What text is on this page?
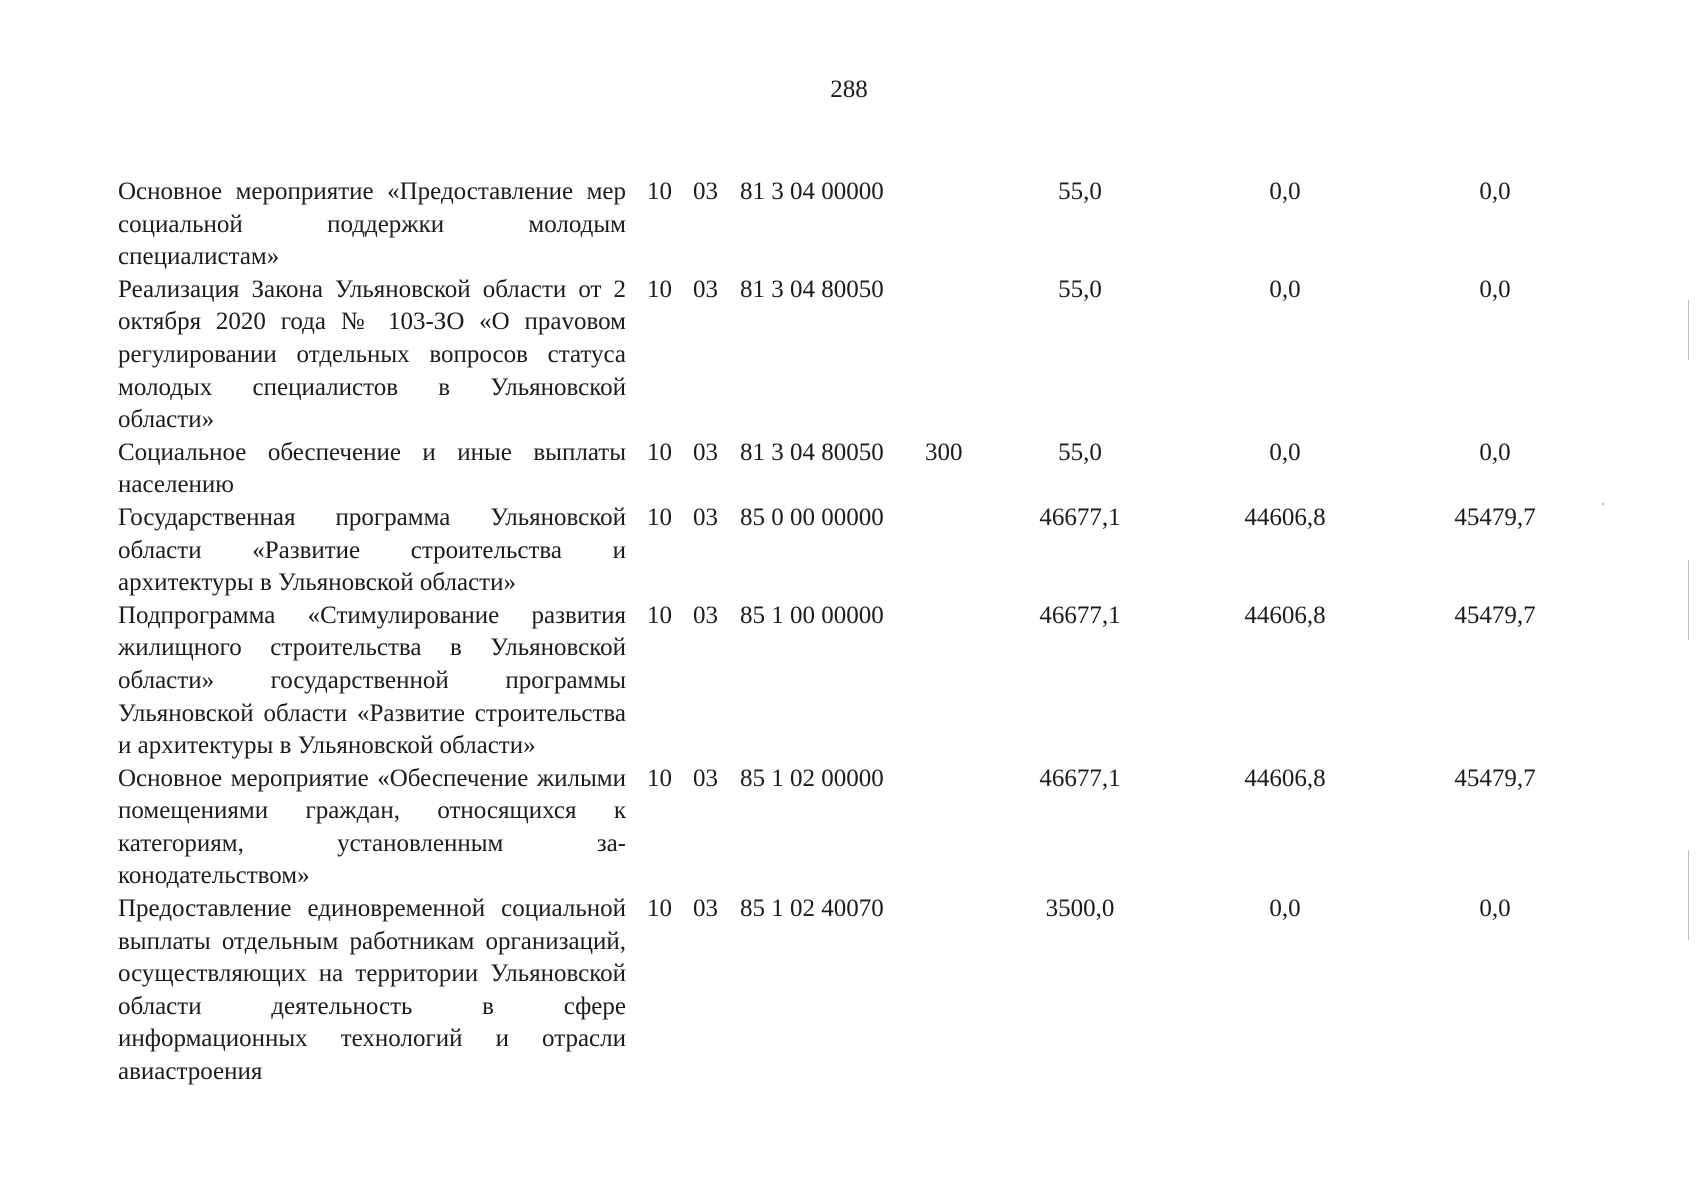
288
Основное мероприятие «Предоставление мер социальной поддержки молодым специалистам»
10 03 81 3 04 00000	55,0	0,0	0,0
Реализация Закона Ульяновской области от 2 октября 2020 года № 103-ЗО «О праvовом регулировании отдельных вопросов статуса молодых специалистов в Ульяновской области»
10 03 81 3 04 80050	55,0	0,0	0,0
Социальное обеспечение и иные выплаты населению
10 03 81 3 04 80050 300	55,0	0,0	0,0
Государственная программа Ульяновской области «Развитие строительства и архитектуры в Ульяновской области»
10 03 85 0 00 00000	46677,1	44606,8	45479,7
Подпрограмма «Стимулирование развития жилищного строительства в Ульяновской области» государственной программы Ульяновской области «Развитие строительства и архитектуры в Ульяновской области»
10 03 85 1 00 00000	46677,1	44606,8	45479,7
Основное мероприятие «Обеспечение жилыми помещениями граждан, относящихся к категориям, установленным законодательством»
10 03 85 1 02 00000	46677,1	44606,8	45479,7
Предоставление единовременной социальной выплаты отдельным работникам организаций, осуществляющих на территории Ульяновской области деятельность в сфере информационных технологий и отрасли авиастроения
10 03 85 1 02 40070	3500,0	0,0	0,0
